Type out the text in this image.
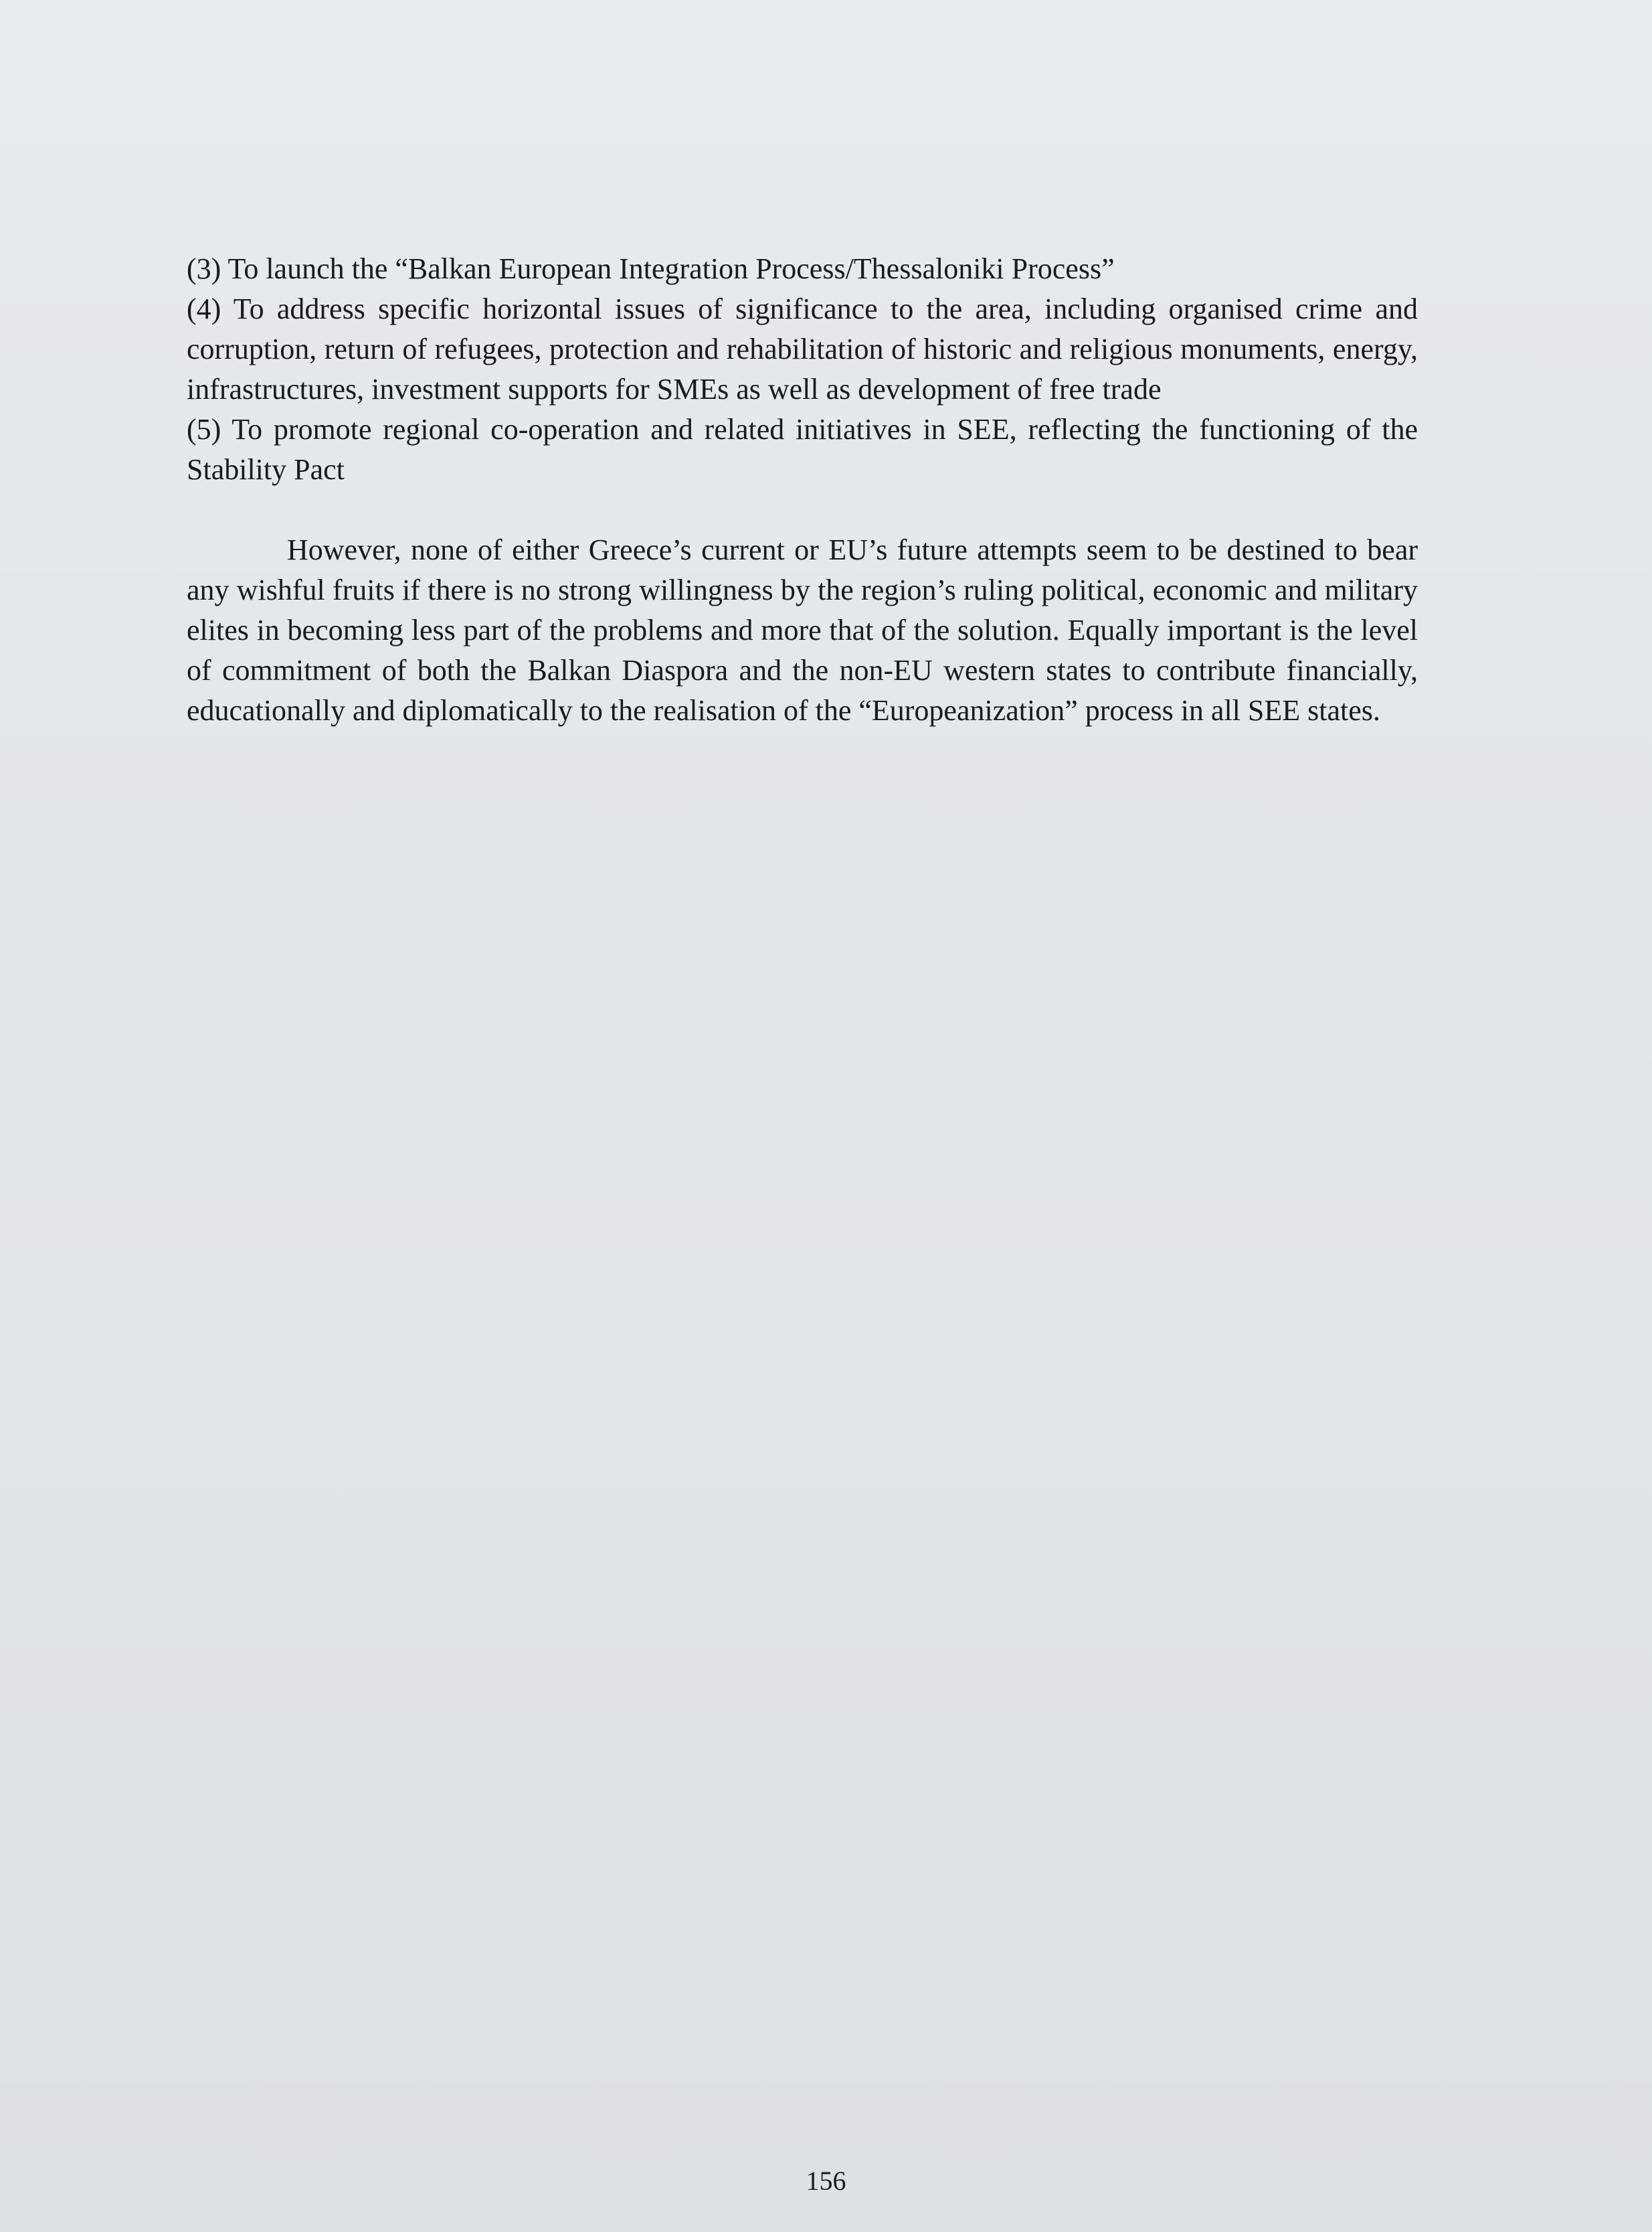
(3) To launch the “Balkan European Integration Process/Thessaloniki Process”

(4) To address specific horizontal issues of significance to the area, including organised crime and corruption, return of refugees, protection and rehabilitation of historic and religious monuments, energy, infrastructures, investment supports for SMEs as well as development of free trade

(5) To promote regional co-operation and related initiatives in SEE, reflecting the functioning of the Stability Pact

However, none of either Greece’s current or EU’s future attempts seem to be destined to bear any wishful fruits if there is no strong willingness by the region’s ruling political, economic and military elites in becoming less part of the problems and more that of the solution. Equally important is the level of commitment of both the Balkan Diaspora and the non-EU western states to contribute financially, educationally and diplomatically to the realisation of the “Europeanization” process in all SEE states.

156
